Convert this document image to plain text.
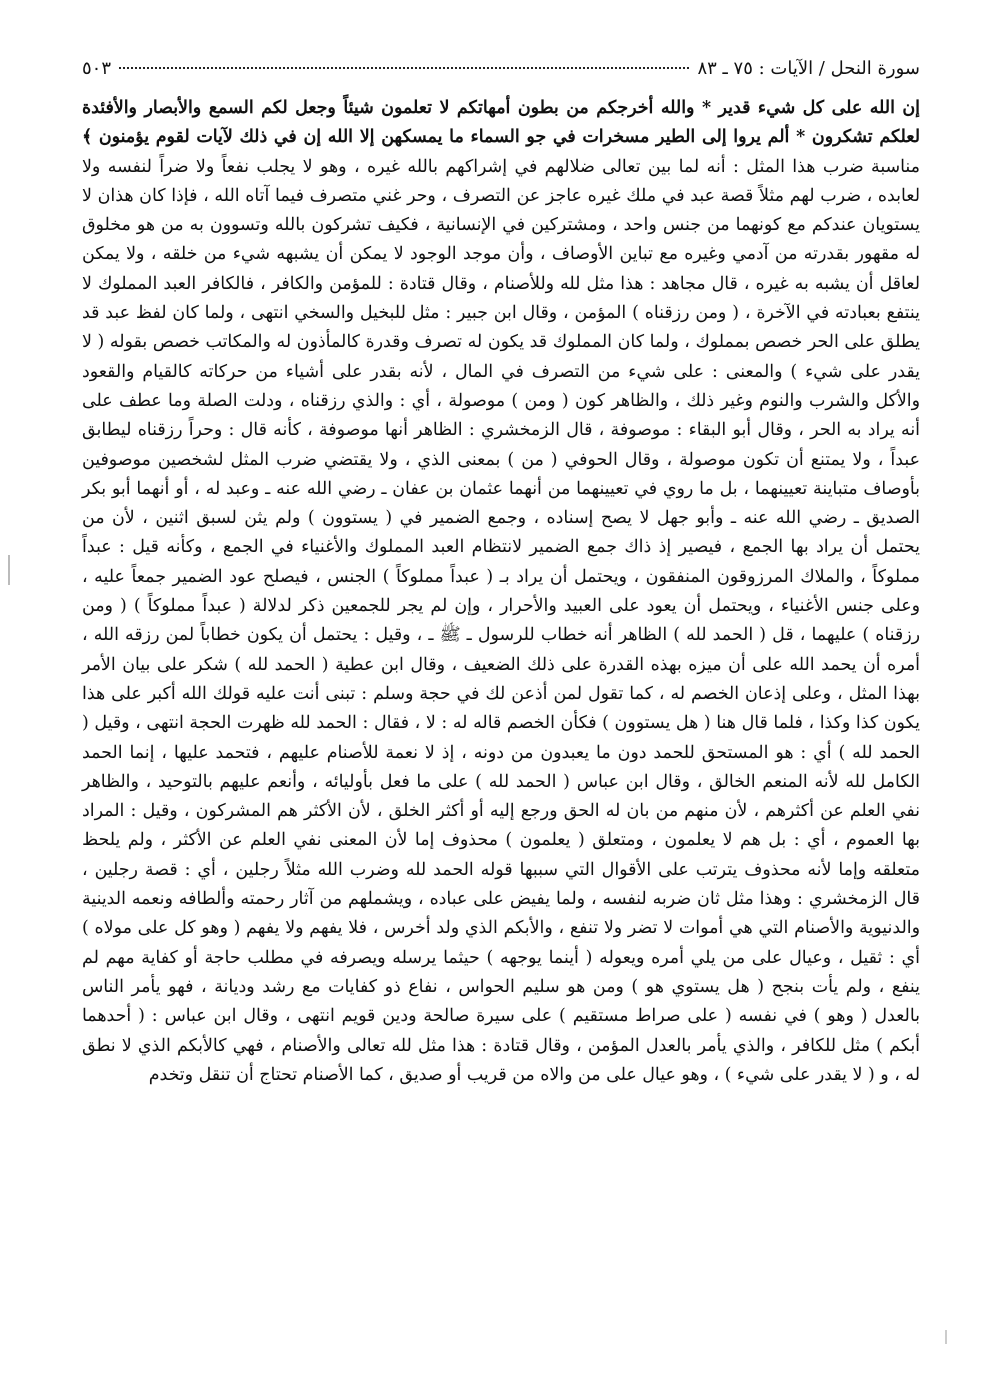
سورة النحل / الآيات : ٧٥ ـ ٨٣
٥٠٣

إن الله على كل شيء قدير * والله أخرجكم من بطون أمهاتكم لا تعلمون شيئاً وجعل لكم السمع والأبصار والأفئدة لعلكم تشكرون * ألم يروا إلى الطير مسخرات في جو السماء ما يمسكهن إلا الله إن في ذلك لآيات لقوم يؤمنون ﴾ مناسبة ضرب هذا المثل : أنه لما بين تعالى ضلالهم في إشراكهم بالله غيره ، وهو لا يجلب نفعاً ولا ضراً لنفسه ولا لعابده ، ضرب لهم مثلاً قصة عبد في ملك غيره عاجز عن التصرف ، وحر غني متصرف فيما آتاه الله ، فإذا كان هذان لا يستويان عندكم مع كونهما من جنس واحد ، ومشتركين في الإنسانية ، فكيف تشركون بالله وتسوون به من هو مخلوق له مقهور بقدرته من آدمي وغيره مع تباين الأوصاف ، وأن موجد الوجود لا يمكن أن يشبهه شيء من خلقه ، ولا يمكن لعاقل أن يشبه به غيره ، قال مجاهد : هذا مثل لله وللأصنام ، وقال قتادة : للمؤمن والكافر ، فالكافر العبد المملوك لا ينتفع بعبادته في الآخرة ، ( ومن رزقناه ) المؤمن ، وقال ابن جبير : مثل للبخيل والسخي انتهى ، ولما كان لفظ عبد قد يطلق على الحر خصص بمملوك ، ولما كان المملوك قد يكون له تصرف وقدرة كالمأذون له والمكاتب خصص بقوله ( لا يقدر على شيء ) والمعنى : على شيء من التصرف في المال ، لأنه بقدر على أشياء من حركاته كالقيام والقعود والأكل والشرب والنوم وغير ذلك ، والظاهر كون ( ومن ) موصولة ، أي : والذي رزقناه ، ودلت الصلة وما عطف على أنه يراد به الحر ، وقال أبو البقاء : موصوفة ، قال الزمخشري : الظاهر أنها موصوفة ، كأنه قال : وحراً رزقناه ليطابق عبداً ، ولا يمتنع أن تكون موصولة ، وقال الحوفي ( من ) بمعنى الذي ، ولا يقتضي ضرب المثل لشخصين موصوفين بأوصاف متباينة تعيينهما ، بل ما روي في تعيينهما من أنهما عثمان بن عفان ـ رضي الله عنه ـ وعبد له ، أو أنهما أبو بكر الصديق ـ رضي الله عنه ـ وأبو جهل لا يصح إسناده ، وجمع الضمير في ( يستوون ) ولم يثن لسبق اثنين ، لأن من يحتمل أن يراد بها الجمع ، فيصير إذ ذاك جمع الضمير لانتظام العبد المملوك والأغنياء في الجمع ، وكأنه قيل : عبداً مملوكاً ، والملاك المرزوقون المنفقون ، ويحتمل أن يراد بـ ( عبداً مملوكاً ) الجنس ، فيصلح عود الضمير جمعاً عليه ، وعلى جنس الأغنياء ، ويحتمل أن يعود على العبيد والأحرار ، وإن لم يجر للجمعين ذكر لدلالة ( عبداً مملوكاً ) ( ومن رزقناه ) عليهما ، قل ( الحمد لله ) الظاهر أنه خطاب للرسول ـ ﷺ ـ ، وقيل : يحتمل أن يكون خطاباً لمن رزقه الله ، أمره أن يحمد الله على أن ميزه بهذه القدرة على ذلك الضعيف ، وقال ابن عطية ( الحمد لله ) شكر على بيان الأمر بهذا المثل ، وعلى إذعان الخصم له ، كما تقول لمن أذعن لك في حجة وسلم : تبنى أنت عليه قولك الله أكبر على هذا يكون كذا وكذا ، فلما قال هنا ( هل يستوون ) فكأن الخصم قاله له : لا ، فقال : الحمد لله ظهرت الحجة انتهى ، وقيل ( الحمد لله ) أي : هو المستحق للحمد دون ما يعبدون من دونه ، إذ لا نعمة للأصنام عليهم ، فتحمد عليها ، إنما الحمد الكامل لله لأنه المنعم الخالق ، وقال ابن عباس ( الحمد لله ) على ما فعل بأوليائه ، وأنعم عليهم بالتوحيد ، والظاهر نفي العلم عن أكثرهم ، لأن منهم من بان له الحق ورجع إليه أو أكثر الخلق ، لأن الأكثر هم المشركون ، وقيل : المراد بها العموم ، أي : بل هم لا يعلمون ، ومتعلق ( يعلمون ) محذوف إما لأن المعنى نفي العلم عن الأكثر ، ولم يلحظ متعلقه وإما لأنه محذوف يترتب على الأقوال التي سببها قوله الحمد لله وضرب الله مثلاً رجلين ، أي : قصة رجلين ، قال الزمخشري : وهذا مثل ثان ضربه لنفسه ، ولما يفيض على عباده ، ويشملهم من آثار رحمته وألطافه ونعمه الدينية والدنيوية والأصنام التي هي أموات لا تضر ولا تنفع ، والأبكم الذي ولد أخرس ، فلا يفهم ولا يفهم ( وهو كل على مولاه ) أي : ثقيل ، وعيال على من يلي أمره ويعوله ( أينما يوجهه ) حيثما يرسله ويصرفه في مطلب حاجة أو كفاية مهم لم ينفع ، ولم يأت بنجح ( هل يستوي هو ) ومن هو سليم الحواس ، نفاع ذو كفايات مع رشد وديانة ، فهو يأمر الناس بالعدل ( وهو ) في نفسه ( على صراط مستقيم ) على سيرة صالحة ودين قويم انتهى ، وقال ابن عباس : ( أحدهما أبكم ) مثل للكافر ، والذي يأمر بالعدل المؤمن ، وقال قتادة : هذا مثل لله تعالى والأصنام ، فهي كالأبكم الذي لا نطق له ، و ( لا يقدر على شيء ) ، وهو عيال على من والاه من قريب أو صديق ، كما الأصنام تحتاج أن تنقل وتخدم
